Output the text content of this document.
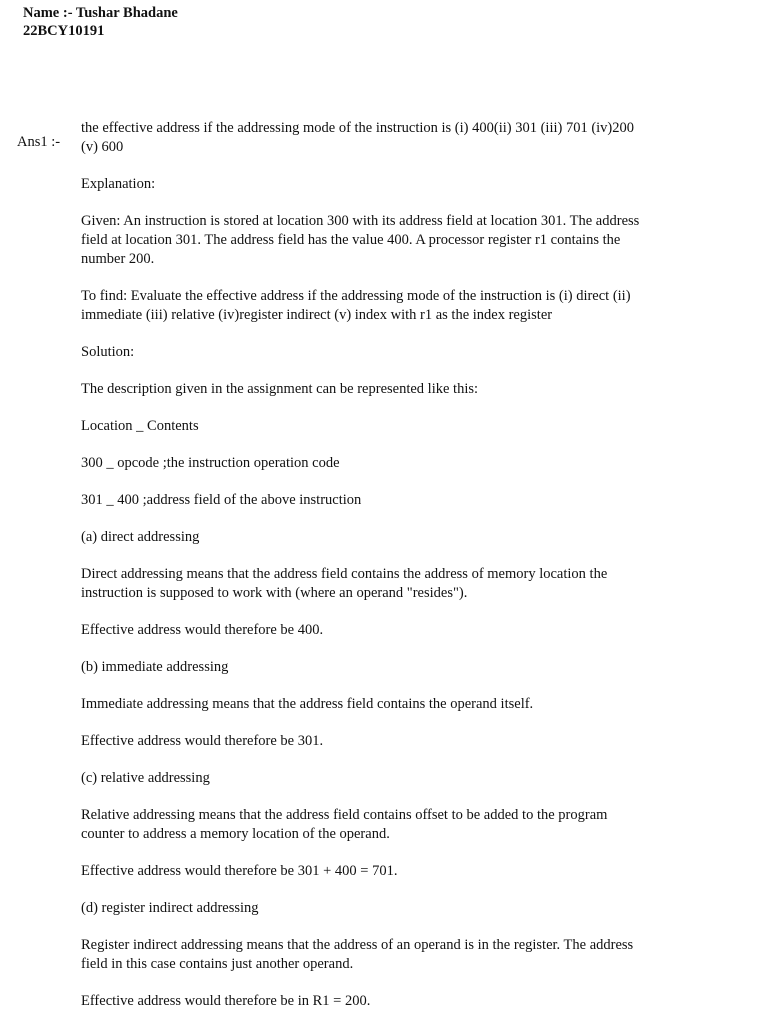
Name :- Tushar Bhadane
22BCY10191
Ans1 :-

the effective address if the addressing mode of the instruction is (i) 400(ii) 301 (iii) 701 (iv)200 (v) 600

Explanation:

Given: An instruction is stored at location 300 with its address field at location 301. The address field at location 301. The address field has the value 400. A processor register r1 contains the number 200.

To find: Evaluate the effective address if the addressing mode of the instruction is (i) direct (ii) immediate (iii) relative (iv)register indirect (v) index with r1 as the index register

Solution:

The description given in the assignment can be represented like this:

Location _ Contents

300 _ opcode ;the instruction operation code

301 _ 400 ;address field of the above instruction

(a) direct addressing

Direct addressing means that the address field contains the address of memory location the instruction is supposed to work with (where an operand "resides").

Effective address would therefore be 400.

(b) immediate addressing

Immediate addressing means that the address field contains the operand itself.

Effective address would therefore be 301.

(c) relative addressing

Relative addressing means that the address field contains offset to be added to the program counter to address a memory location of the operand.

Effective address would therefore be 301 + 400 = 701.

(d) register indirect addressing

Register indirect addressing means that the address of an operand is in the register. The address field in this case contains just another operand.

Effective address would therefore be in R1 = 200.
